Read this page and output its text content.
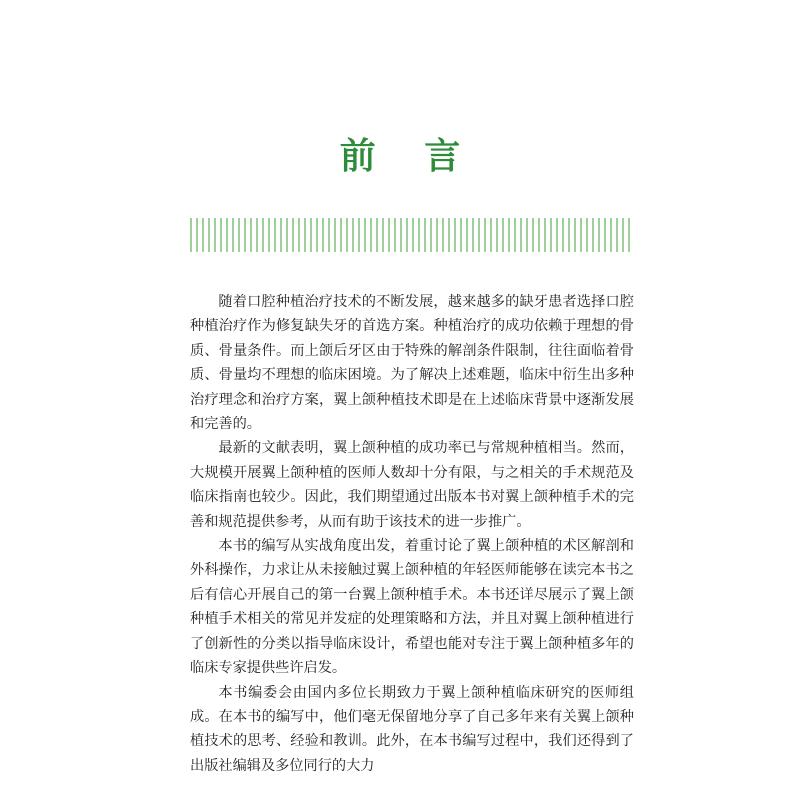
前 言

随着口腔种植治疗技术的不断发展，越来越多的缺牙患者选择口腔种植治疗作为修复缺失牙的首选方案。种植治疗的成功依赖于理想的骨质、骨量条件。而上颌后牙区由于特殊的解剖条件限制，往往面临着骨质、骨量均不理想的临床困境。为了解决上述难题，临床中衍生出多种治疗理念和治疗方案，翼上颌种植技术即是在上述临床背景中逐渐发展和完善的。

最新的文献表明，翼上颌种植的成功率已与常规种植相当。然而，大规模开展翼上颌种植的医师人数却十分有限，与之相关的手术规范及临床指南也较少。因此，我们期望通过出版本书对翼上颌种植手术的完善和规范提供参考，从而有助于该技术的进一步推广。

本书的编写从实战角度出发，着重讨论了翼上颌种植的术区解剖和外科操作，力求让从未接触过翼上颌种植的年轻医师能够在读完本书之后有信心开展自己的第一台翼上颌种植手术。本书还详尽展示了翼上颌种植手术相关的常见并发症的处理策略和方法，并且对翼上颌种植进行了创新性的分类以指导临床设计，希望也能对专注于翼上颌种植多年的临床专家提供些许启发。

本书编委会由国内多位长期致力于翼上颌种植临床研究的医师组成。在本书的编写中，他们毫无保留地分享了自己多年来有关翼上颌种植技术的思考、经验和教训。此外，在本书编写过程中，我们还得到了出版社编辑及多位同行的大力
